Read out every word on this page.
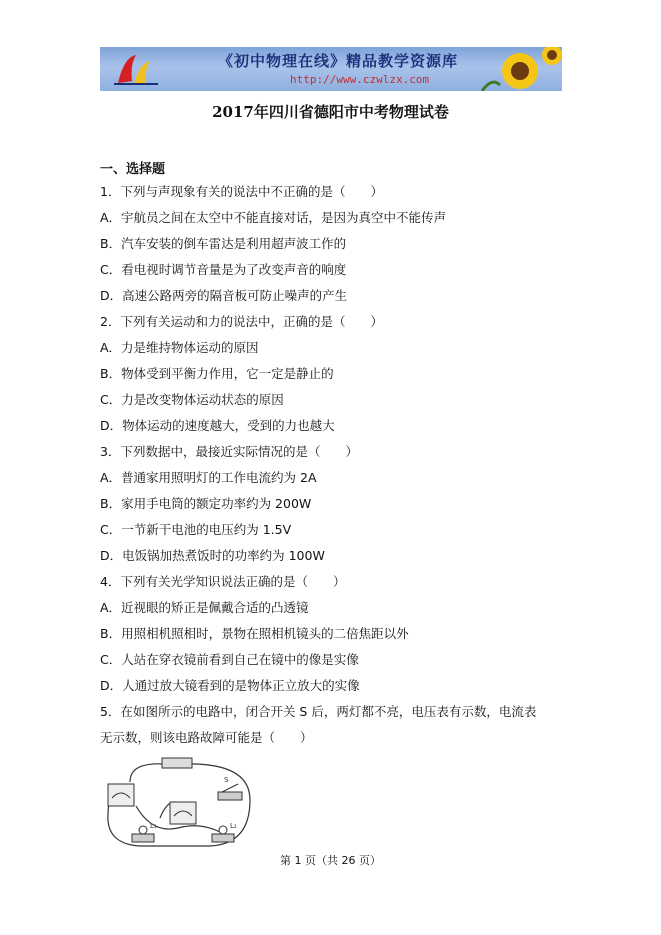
《初中物理在线》精品教学资源库
http://www.czwlzx.com
2017年四川省德阳市中考物理试卷
一、选择题
1．下列与声现象有关的说法中不正确的是（　　）
A．宇航员之间在太空中不能直接对话，是因为真空中不能传声
B．汽车安装的倒车雷达是利用超声波工作的
C．看电视时调节音量是为了改变声音的响度
D．高速公路两旁的隔音板可防止噪声的产生
2．下列有关运动和力的说法中，正确的是（　　）
A．力是维持物体运动的原因
B．物体受到平衡力作用，它一定是静止的
C．力是改变物体运动状态的原因
D．物体运动的速度越大，受到的力也越大
3．下列数据中，最接近实际情况的是（　　）
A．普通家用照明灯的工作电流约为 2A
B．家用手电筒的额定功率约为 200W
C．一节新干电池的电压约为 1.5V
D．电饭锅加热煮饭时的功率约为 100W
4．下列有关光学知识说法正确的是（　　）
A．近视眼的矫正是佩戴合适的凸透镜
B．用照相机照相时，景物在照相机镜头的二倍焦距以外
C．人站在穿衣镜前看到自己在镜中的像是实像
D．人通过放大镜看到的是物体正立放大的实像
5．在如图所示的电路中，闭合开关 S 后，两灯都不亮，电压表有示数，电流表
无示数，则该电路故障可能是（　　）
S
L₁	L₂
第 1 页（共 26 页）
